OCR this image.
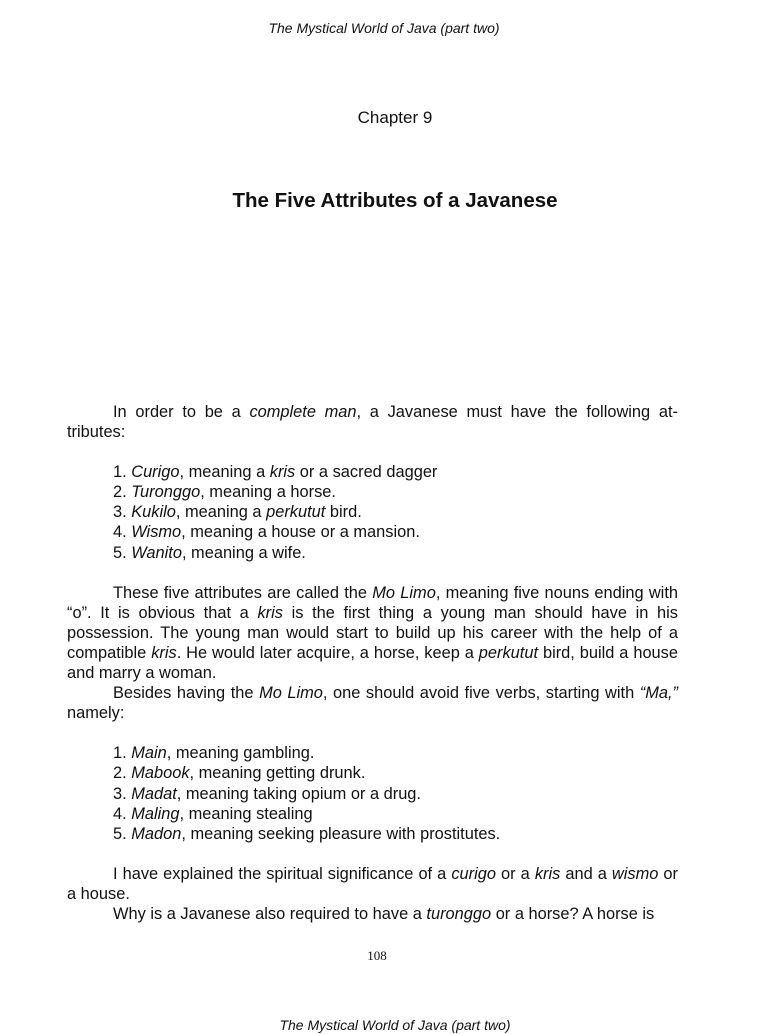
The Mystical World of Java (part two)
Chapter 9
The Five Attributes of a Javanese

In order to be a complete man, a Javanese must have the following at-tributes:

1. Curigo, meaning a kris or a sacred dagger
2. Turonggo, meaning a horse.
3. Kukilo, meaning a perkutut bird.
4. Wismo, meaning a house or a mansion.
5. Wanito, meaning a wife.

These five attributes are called the Mo Limo, meaning five nouns ending with “o”. It is obvious that a kris is the first thing a young man should have in his possession. The young man would start to build up his career with the help of a compatible kris. He would later acquire, a horse, keep a perkutut bird, build a house and marry a woman.

Besides having the Mo Limo, one should avoid five verbs, starting with “Ma,” namely:

1. Main, meaning gambling.
2. Mabook, meaning getting drunk.
3. Madat, meaning taking opium or a drug.
4. Maling, meaning stealing
5. Madon, meaning seeking pleasure with prostitutes.

I have explained the spiritual significance of a curigo or a kris and a wismo or a house.

Why is a Javanese also required to have a turonggo or a horse? A horse is

108
The Mystical World of Java (part two)
